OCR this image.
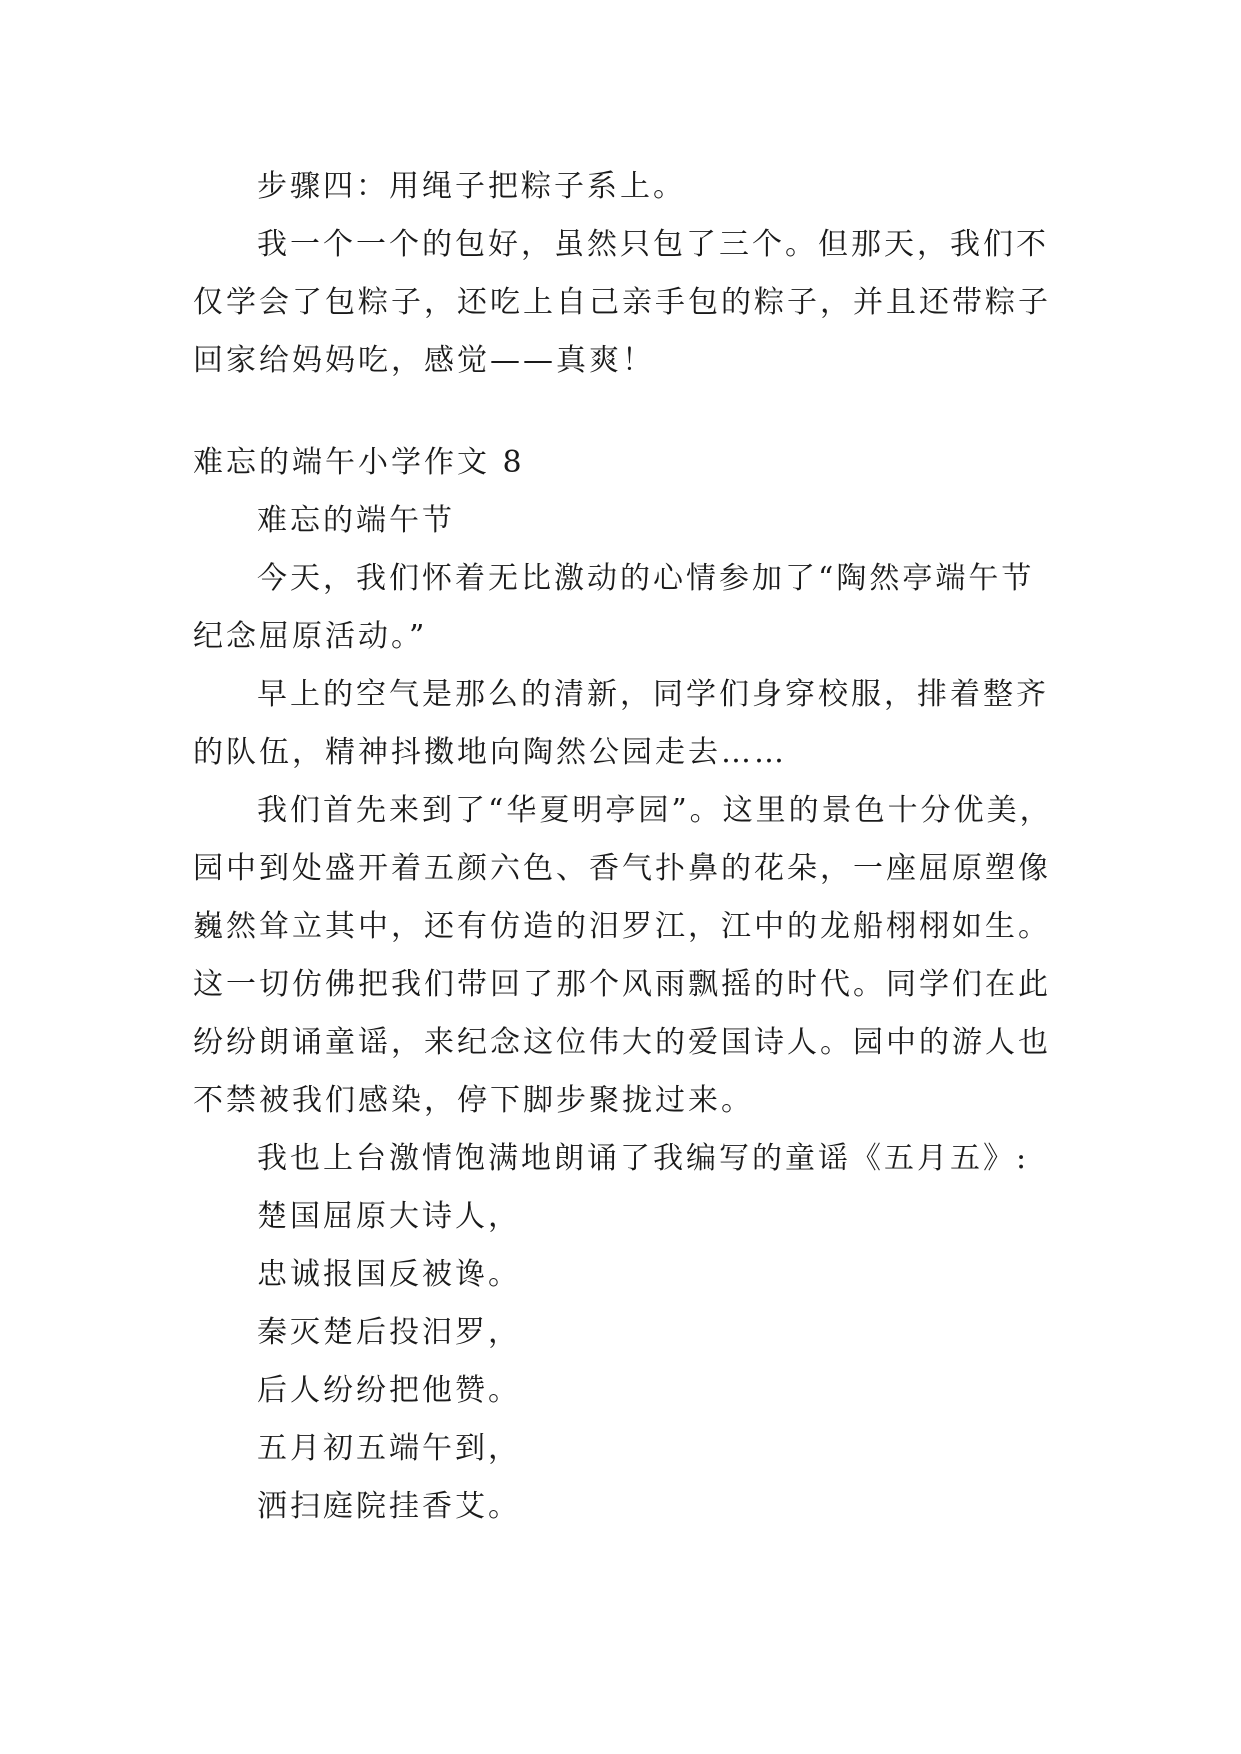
步骤四：用绳子把粽子系上。

我一个一个的包好，虽然只包了三个。但那天，我们不

仅学会了包粽子，还吃上自己亲手包的粽子，并且还带粽子

回家给妈妈吃，感觉——真爽！

难忘的端午小学作文 8

难忘的端午节

今天，我们怀着无比激动的心情参加了“陶然亭端午节

纪念屈原活动。”

早上的空气是那么的清新，同学们身穿校服，排着整齐

的队伍，精神抖擞地向陶然公园走去……

我们首先来到了“华夏明亭园”。这里的景色十分优美，

园中到处盛开着五颜六色、香气扑鼻的花朵，一座屈原塑像

巍然耸立其中，还有仿造的汨罗江，江中的龙船栩栩如生。

这一切仿佛把我们带回了那个风雨飘摇的时代。同学们在此

纷纷朗诵童谣，来纪念这位伟大的爱国诗人。园中的游人也

不禁被我们感染，停下脚步聚拢过来。

我也上台激情饱满地朗诵了我编写的童谣《五月五》:

楚国屈原大诗人，

忠诚报国反被谗。

秦灭楚后投汨罗，

后人纷纷把他赞。

五月初五端午到，

洒扫庭院挂香艾。
